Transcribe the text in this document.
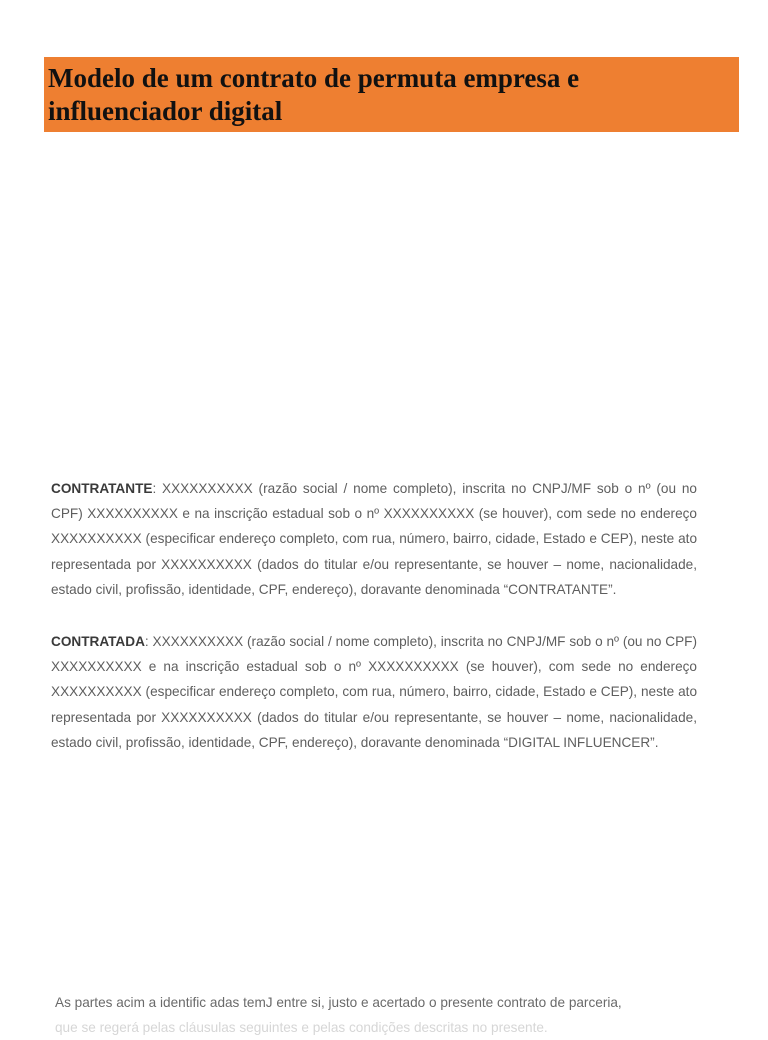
Modelo de um contrato de permuta empresa e
influenciador digital

CONTRATANTE: XXXXXXXXXX (razão social / nome completo), inscrita no CNPJ/MF sob o nº (ou no CPF) XXXXXXXXXX e na inscrição estadual sob o nº XXXXXXXXXX (se houver), com sede no endereço XXXXXXXXXX (especificar endereço completo, com rua, número, bairro, cidade, Estado e CEP), neste ato representada por XXXXXXXXXX (dados do titular e/ou representante, se houver – nome, nacionalidade, estado civil, profissão, identidade, CPF, endereço), doravante denominada “CONTRATANTE”.

CONTRATADA: XXXXXXXXXX (razão social / nome completo), inscrita no CNPJ/MF sob o nº (ou no CPF) XXXXXXXXXX e na inscrição estadual sob o nº XXXXXXXXXX (se houver), com sede no endereço XXXXXXXXXX (especificar endereço completo, com rua, número, bairro, cidade, Estado e CEP), neste ato representada por XXXXXXXXXX (dados do titular e/ou representante, se houver – nome, nacionalidade, estado civil, profissão, identidade, CPF, endereço), doravante denominada “DIGITAL INFLUENCER”.

As partes acim a identific adas temJ entre si, justo e acertado o presente contrato de parceria,
que se regerá pelas cláusulas seguintes e pelas condições descritas no presente.
